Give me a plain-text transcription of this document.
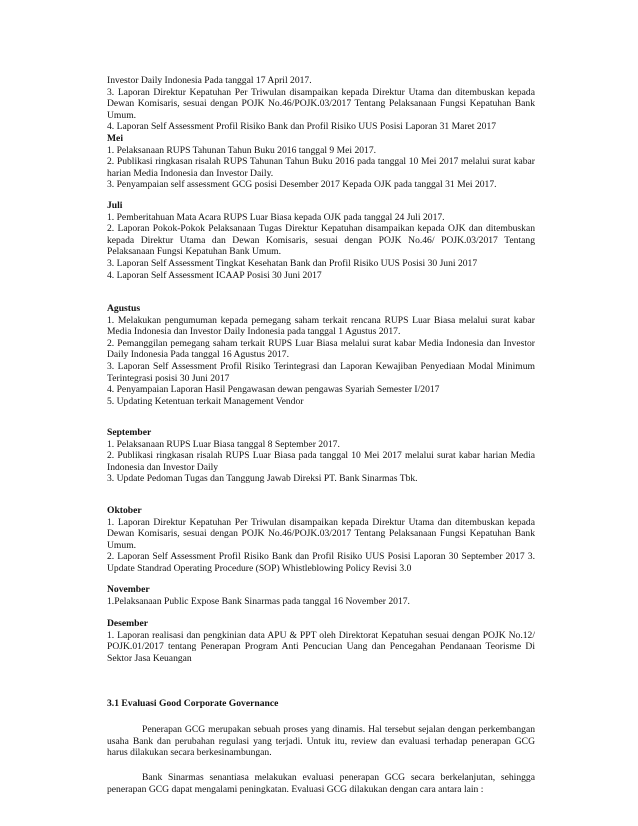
Investor Daily Indonesia Pada tanggal 17 April 2017.

3. Laporan Direktur Kepatuhan Per Triwulan disampaikan kepada Direktur Utama dan ditembuskan kepada Dewan Komisaris, sesuai dengan POJK No.46/POJK.03/2017 Tentang Pelaksanaan Fungsi Kepatuhan Bank Umum.

4. Laporan Self Assessment Profil Risiko Bank dan Profil Risiko UUS Posisi Laporan 31 Maret 2017

Mei

1. Pelaksanaan RUPS Tahunan Tahun Buku 2016 tanggal 9 Mei 2017.

2. Publikasi ringkasan risalah RUPS Tahunan Tahun Buku 2016 pada tanggal 10 Mei 2017 melalui surat kabar harian Media Indonesia dan Investor Daily.

3. Penyampaian self assessment GCG posisi Desember 2017 Kepada OJK pada tanggal 31 Mei 2017.

Juli

1. Pemberitahuan Mata Acara RUPS Luar Biasa kepada OJK pada tanggal 24 Juli 2017.

2. Laporan Pokok-Pokok Pelaksanaan Tugas Direktur Kepatuhan disampaikan kepada OJK dan ditembuskan kepada Direktur Utama dan Dewan Komisaris, sesuai dengan POJK No.46/ POJK.03/2017 Tentang Pelaksanaan Fungsi Kepatuhan Bank Umum.

3. Laporan Self Assessment Tingkat Kesehatan Bank dan Profil Risiko UUS Posisi 30 Juni 2017

4. Laporan Self Assessment ICAAP Posisi 30 Juni 2017

Agustus

1. Melakukan pengumuman kepada pemegang saham terkait rencana RUPS Luar Biasa melalui surat kabar Media Indonesia dan Investor Daily Indonesia pada tanggal 1 Agustus 2017.

2. Pemanggilan pemegang saham terkait RUPS Luar Biasa melalui surat kabar Media Indonesia dan Investor Daily Indonesia Pada tanggal 16 Agustus 2017.

3. Laporan Self Assessment Profil Risiko Terintegrasi dan Laporan Kewajiban Penyediaan Modal Minimum Terintegrasi posisi 30 Juni 2017

4. Penyampaian Laporan Hasil Pengawasan dewan pengawas Syariah Semester I/2017

5. Updating Ketentuan terkait Management Vendor

September

1. Pelaksanaan RUPS Luar Biasa tanggal 8 September 2017.

2. Publikasi ringkasan risalah RUPS Luar Biasa pada tanggal 10 Mei 2017 melalui surat kabar harian Media Indonesia dan Investor Daily

3. Update Pedoman Tugas dan Tanggung Jawab Direksi PT. Bank Sinarmas Tbk.

Oktober

1. Laporan Direktur Kepatuhan Per Triwulan disampaikan kepada Direktur Utama dan ditembuskan kepada Dewan Komisaris, sesuai dengan POJK No.46/POJK.03/2017 Tentang Pelaksanaan Fungsi Kepatuhan Bank Umum.

2. Laporan Self Assessment Profil Risiko Bank dan Profil Risiko UUS Posisi Laporan 30 September 2017 3. Update Standrad Operating Procedure (SOP) Whistleblowing Policy Revisi 3.0

November

1.Pelaksanaan Public Expose Bank Sinarmas pada tanggal 16 November 2017.

Desember

1. Laporan realisasi dan pengkinian data APU & PPT oleh Direktorat Kepatuhan sesuai dengan POJK No.12/ POJK.01/2017 tentang Penerapan Program Anti Pencucian Uang dan Pencegahan Pendanaan Teorisme Di Sektor Jasa Keuangan

3.1 Evaluasi Good Corporate Governance

Penerapan GCG merupakan sebuah proses yang dinamis. Hal tersebut sejalan dengan perkembangan usaha Bank dan perubahan regulasi yang terjadi. Untuk itu, review dan evaluasi terhadap penerapan GCG harus dilakukan secara berkesinambungan.

Bank Sinarmas senantiasa melakukan evaluasi penerapan GCG secara berkelanjutan, sehingga penerapan GCG dapat mengalami peningkatan. Evaluasi GCG dilakukan dengan cara antara lain :
